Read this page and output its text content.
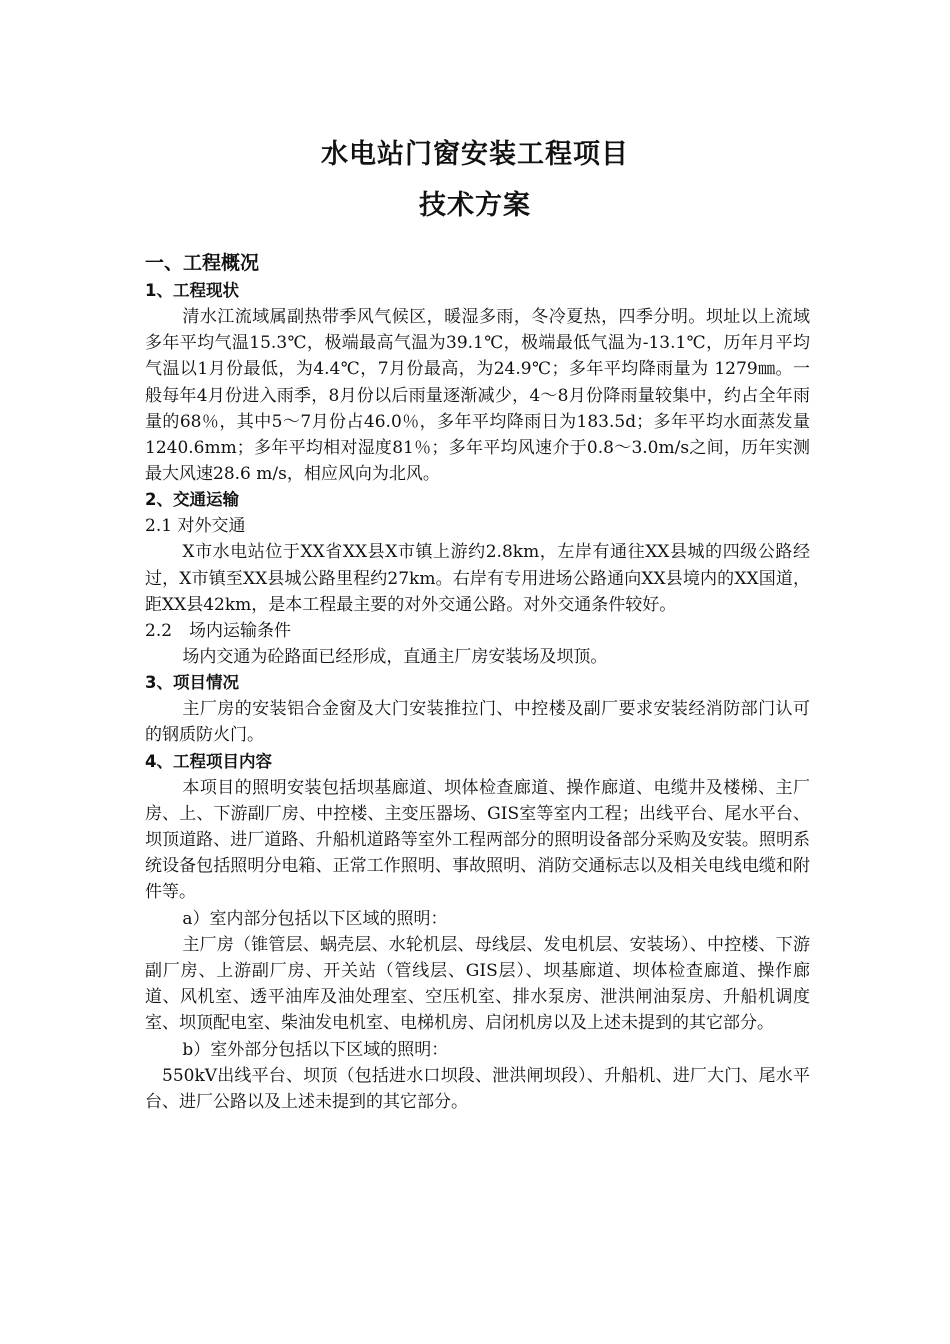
水电站门窗安装工程项目
技术方案

一、工程概况

1、工程现状

清水江流域属副热带季风气候区，暖湿多雨，冬冷夏热，四季分明。坝址以上流域多年平均气温15.3℃，极端最高气温为39.1℃，极端最低气温为-13.1℃，历年月平均气温以1月份最低，为4.4℃，7月份最高，为24.9℃；多年平均降雨量为 1279㎜。一般每年4月份进入雨季，8月份以后雨量逐渐减少，4～8月份降雨量较集中，约占全年雨量的68％，其中5～7月份占46.0％，多年平均降雨日为183.5d；多年平均水面蒸发量1240.6mm；多年平均相对湿度81％；多年平均风速介于0.8～3.0m/s之间，历年实测最大风速28.6 m/s，相应风向为北风。

2、交通运输

2.1 对外交通

X市水电站位于XX省XX县X市镇上游约2.8km，左岸有通往XX县城的四级公路经过，X市镇至XX县城公路里程约27km。右岸有专用进场公路通向XX县境内的XX国道，距XX县42km，是本工程最主要的对外交通公路。对外交通条件较好。

2.2　场内运输条件

场内交通为砼路面已经形成，直通主厂房安装场及坝顶。

3、项目情况

主厂房的安装铝合金窗及大门安装推拉门、中控楼及副厂要求安装经消防部门认可的钢质防火门。

4、工程项目内容

本项目的照明安装包括坝基廊道、坝体检查廊道、操作廊道、电缆井及楼梯、主厂房、上、下游副厂房、中控楼、主变压器场、GIS室等室内工程；出线平台、尾水平台、坝顶道路、进厂道路、升船机道路等室外工程两部分的照明设备部分采购及安装。照明系统设备包括照明分电箱、正常工作照明、事故照明、消防交通标志以及相关电线电缆和附件等。

a）室内部分包括以下区域的照明：

主厂房（锥管层、蜗壳层、水轮机层、母线层、发电机层、安装场）、中控楼、下游副厂房、上游副厂房、开关站（管线层、GIS层）、坝基廊道、坝体检查廊道、操作廊道、风机室、透平油库及油处理室、空压机室、排水泵房、泄洪闸油泵房、升船机调度室、坝顶配电室、柴油发电机室、电梯机房、启闭机房以及上述未提到的其它部分。

b）室外部分包括以下区域的照明：

550kV出线平台、坝顶（包括进水口坝段、泄洪闸坝段）、升船机、进厂大门、尾水平台、进厂公路以及上述未提到的其它部分。
